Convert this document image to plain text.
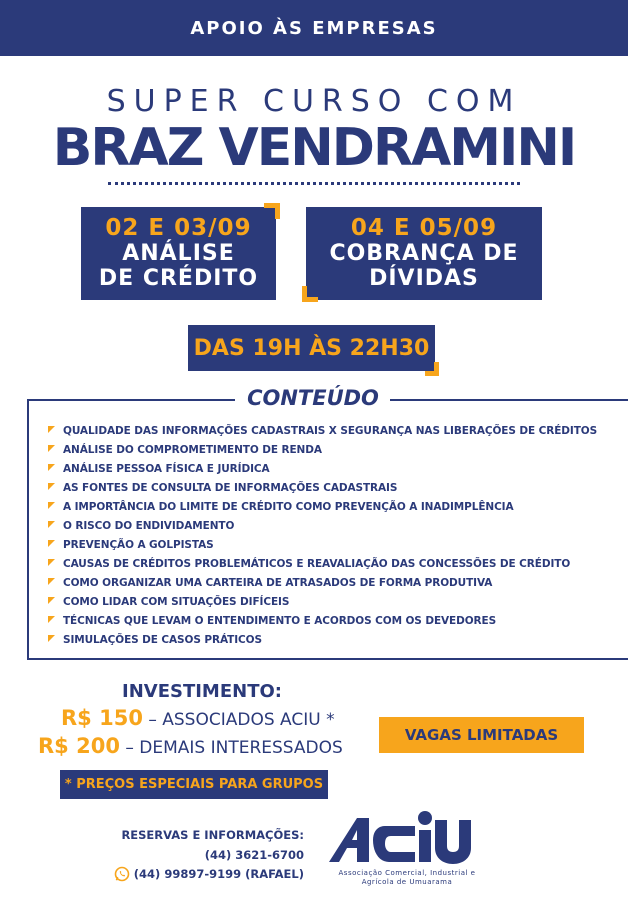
APOIO ÀS EMPRESAS
SUPER CURSO COM
BRAZ VENDRAMINI
02 E 03/09
ANÁLISE
DE CRÉDITO
04 E 05/09
COBRANÇA DE
DÍVIDAS
DAS 19H ÀS 22H30
CONTEÚDO
QUALIDADE DAS INFORMAÇÕES CADASTRAIS X SEGURANÇA NAS LIBERAÇÕES DE CRÉDITOS
ANÁLISE DO COMPROMETIMENTO DE RENDA
ANÁLISE PESSOA FÍSICA E JURÍDICA
AS FONTES DE CONSULTA DE INFORMAÇÕES CADASTRAIS
A IMPORTÂNCIA DO LIMITE DE CRÉDITO COMO PREVENÇÃO A INADIMPLÊNCIA
O RISCO DO ENDIVIDAMENTO
PREVENÇÃO A GOLPISTAS
CAUSAS DE CRÉDITOS PROBLEMÁTICOS E REAVALIAÇÃO DAS CONCESSÕES DE CRÉDITO
COMO ORGANIZAR UMA CARTEIRA DE ATRASADOS DE FORMA PRODUTIVA
COMO LIDAR COM SITUAÇÕES DIFÍCEIS
TÉCNICAS QUE LEVAM O ENTENDIMENTO E ACORDOS COM OS DEVEDORES
SIMULAÇÕES DE CASOS PRÁTICOS
INVESTIMENTO:
R$ 150 – ASSOCIADOS ACIU *
R$ 200 – DEMAIS INTERESSADOS
* PREÇOS ESPECIAIS PARA GRUPOS
VAGAS LIMITADAS
RESERVAS E INFORMAÇÕES:
(44) 3621-6700
(44) 99897-9199 (RAFAEL)	Associação Comercial, Industrial e
Agrícola de Umuarama
